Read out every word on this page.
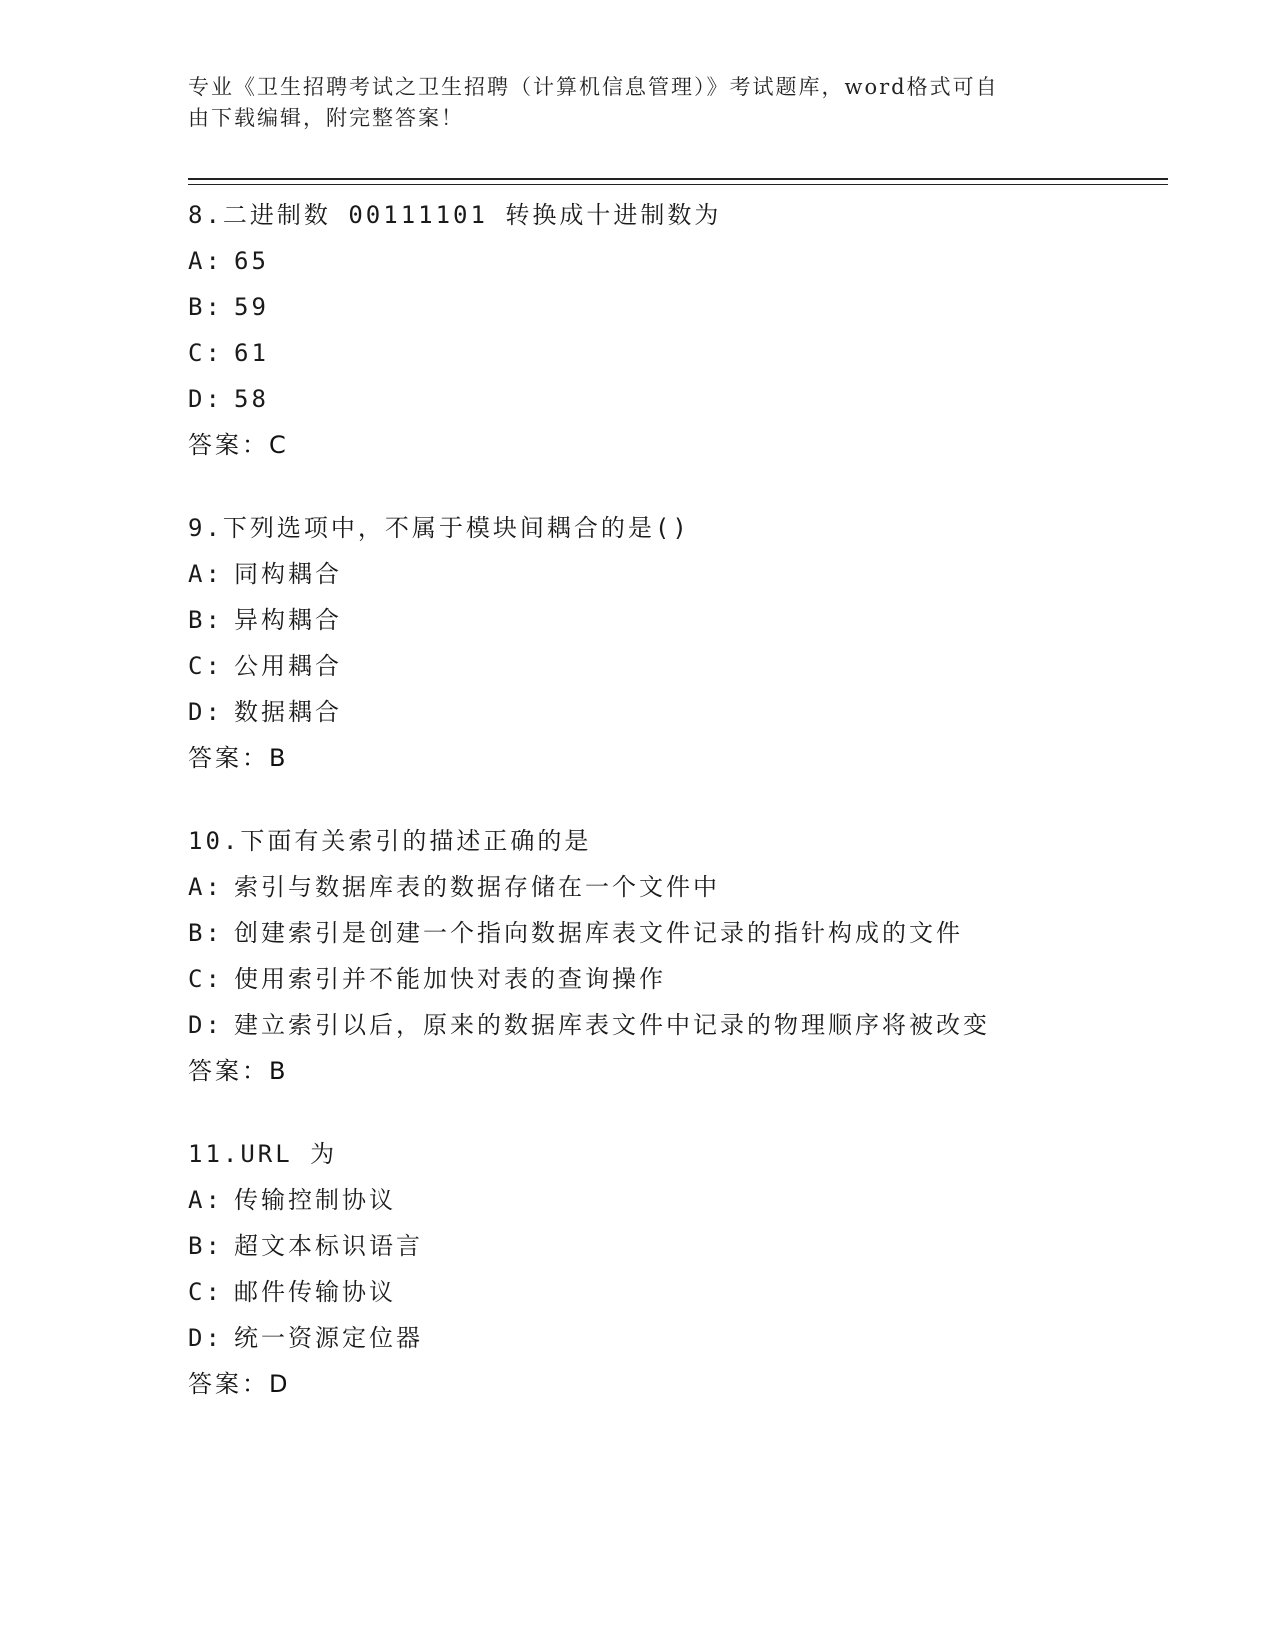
专业《卫生招聘考试之卫生招聘（计算机信息管理）》考试题库，word格式可自
由下载编辑，附完整答案！
8.二进制数 00111101 转换成十进制数为
A: 65
B: 59
C: 61
D: 58
答案：C
9.下列选项中，不属于模块间耦合的是()
A: 同构耦合
B: 异构耦合
C: 公用耦合
D: 数据耦合
答案：B
10.下面有关索引的描述正确的是
A: 索引与数据库表的数据存储在一个文件中
B: 创建索引是创建一个指向数据库表文件记录的指针构成的文件
C: 使用索引并不能加快对表的查询操作
D: 建立索引以后，原来的数据库表文件中记录的物理顺序将被改变
答案：B
11.URL 为
A: 传输控制协议
B: 超文本标识语言
C: 邮件传输协议
D: 统一资源定位器
答案：D
